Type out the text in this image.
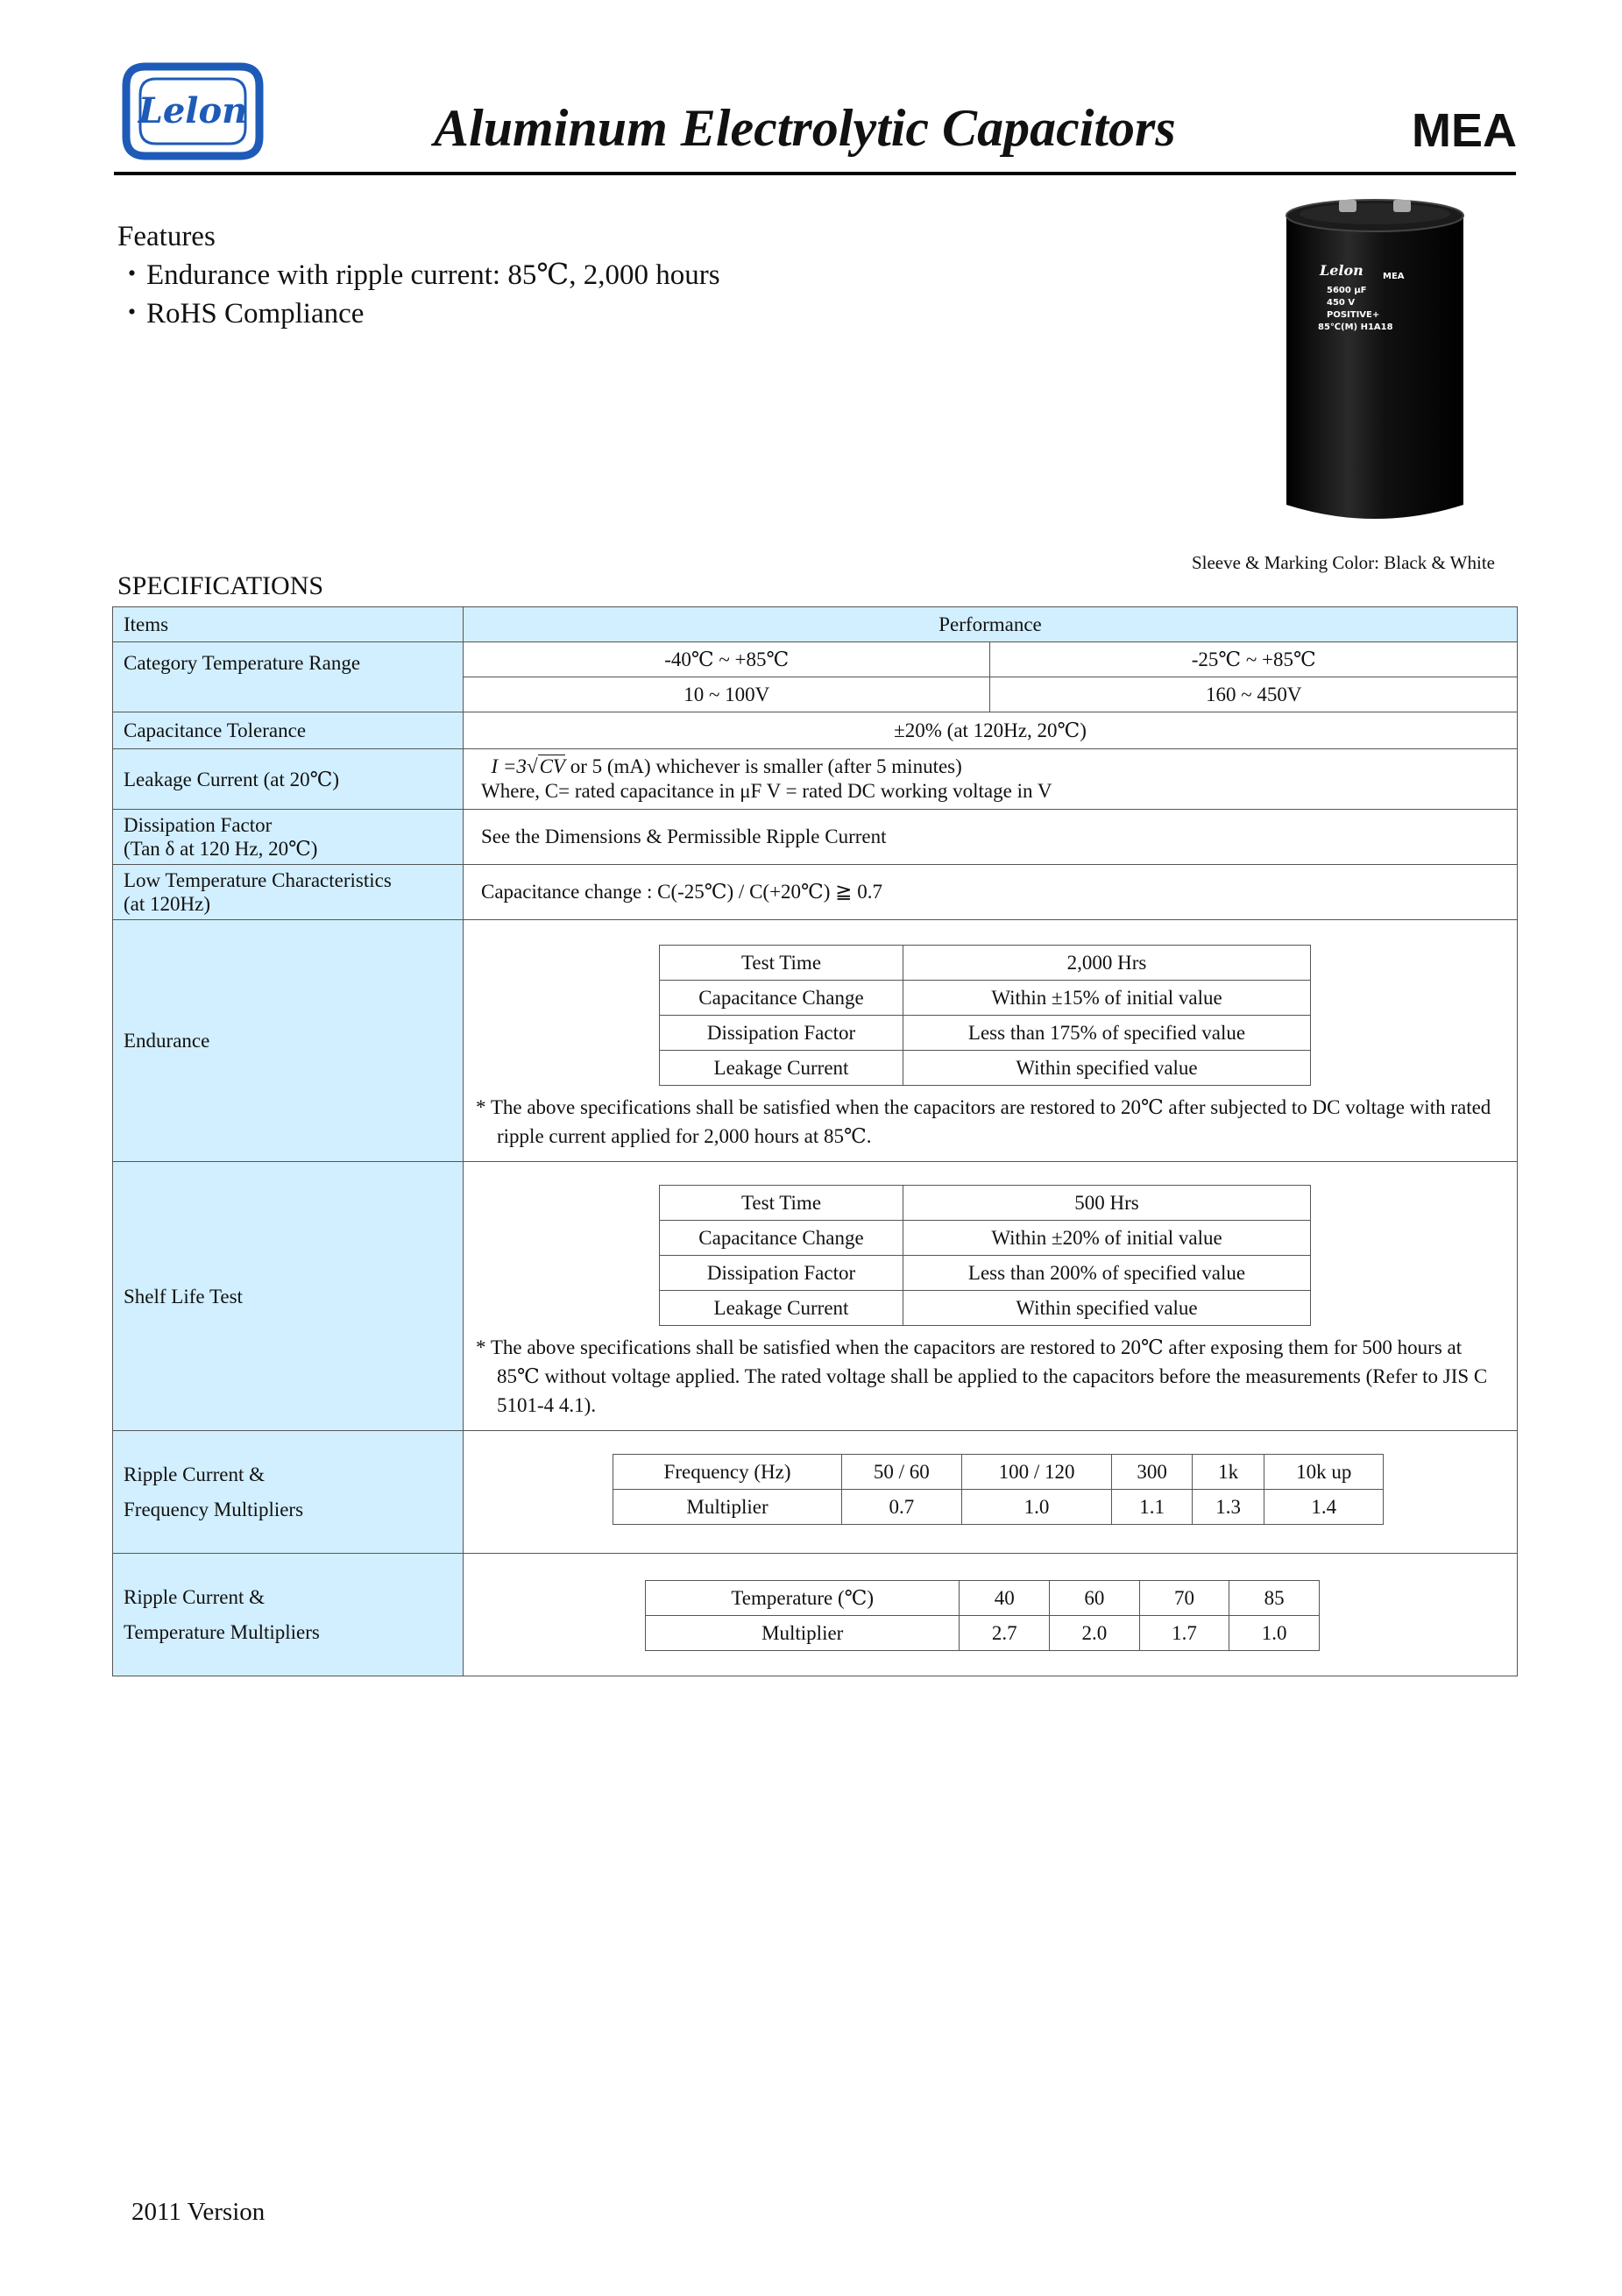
Lelon	Aluminum Electrolytic Capacitors	MEA
Features
・Endurance with ripple current: 85℃, 2,000 hours
・RoHS Compliance
Lelon MEA
5600 μF
450 V
POSITIVE+
85℃(M) H1A18
Sleeve & Marking Color: Black & White
SPECIFICATIONS
Items	Performance
Category Temperature Range	-40℃ ~ +85℃	-25℃ ~ +85℃
10 ~ 100V	160 ~ 450V
Capacitance Tolerance	±20% (at 120Hz, 20℃)
Leakage Current (at 20℃)	
I =3√CV or 5 (mA) whichever is smaller (after 5 minutes)
Where, C= rated capacitance in μF V = rated DC working voltage in V

Dissipation Factor
(Tan δ at 120 Hz, 20℃)
	See the Dimensions & Permissible Ripple Current

Low Temperature Characteristics
(at 120Hz)
	Capacitance change : C(-25℃) / C(+20℃) ≧ 0.7
Endurance	
Test Time	2,000 Hrs
Capacitance Change	Within ±15% of initial value
Dissipation Factor	Less than 175% of specified value
Leakage Current	Within specified value
* The above specifications shall be satisfied when the capacitors are restored to 20℃ after subjected to DC voltage with rated ripple current applied for 2,000 hours at 85℃.

Shelf Life Test	
Test Time	500 Hrs
Capacitance Change	Within ±20% of initial value
Dissipation Factor	Less than 200% of specified value
Leakage Current	Within specified value
* The above specifications shall be satisfied when the capacitors are restored to 20℃ after exposing them for 500 hours at 85℃ without voltage applied. The rated voltage shall be applied to the capacitors before the measurements (Refer to JIS C 5101-4 4.1).

Ripple Current &
Frequency Multipliers

Frequency (Hz)	50 / 60	100 / 120	300	1k	10k up
Multiplier	0.7	1.0	1.1	1.3	1.4

Ripple Current &
Temperature Multipliers

Temperature (℃)	40	60	70	85
Multiplier	2.7	2.0	1.7	1.0
2011 Version
